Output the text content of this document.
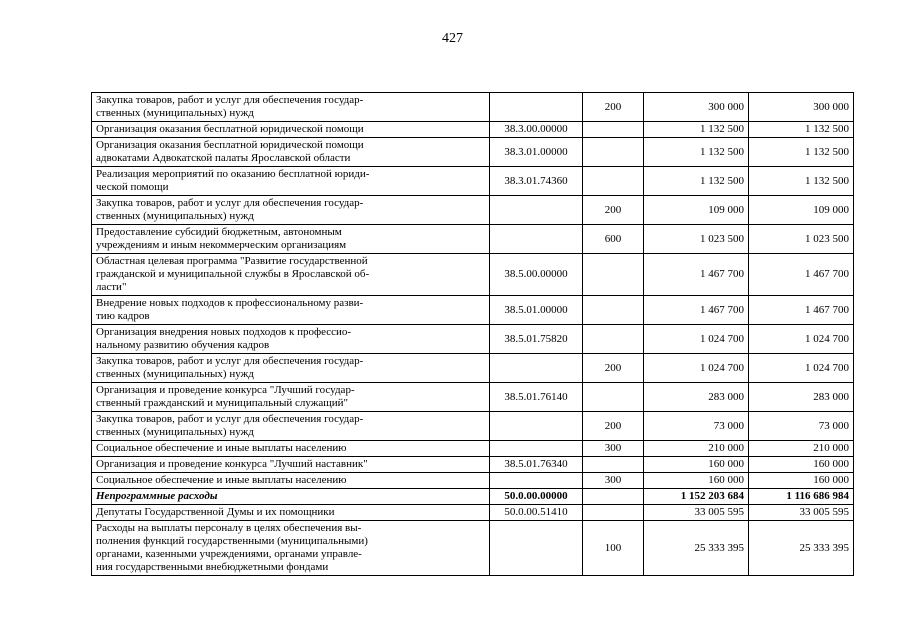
427
Закупка товаров, работ и услуг для обеспечения государ-
ственных (муниципальных) нужд		200	300 000	300 000
Организация оказания бесплатной юридической помощи	38.3.00.00000		1 132 500	1 132 500
Организация оказания бесплатной юридической помощи
адвокатами Адвокатской палаты Ярославской области	38.3.01.00000		1 132 500	1 132 500
Реализация мероприятий по оказанию бесплатной юриди-
ческой помощи	38.3.01.74360		1 132 500	1 132 500
Закупка товаров, работ и услуг для обеспечения государ-
ственных (муниципальных) нужд		200	109 000	109 000
Предоставление субсидий бюджетным, автономным
учреждениям и иным некоммерческим организациям		600	1 023 500	1 023 500
Областная целевая программа "Развитие государственной
гражданской и муниципальной службы в Ярославской об-
ласти"	38.5.00.00000		1 467 700	1 467 700
Внедрение новых подходов к профессиональному разви-
тию кадров	38.5.01.00000		1 467 700	1 467 700
Организация внедрения новых подходов к профессио-
нальному развитию обучения кадров	38.5.01.75820		1 024 700	1 024 700
Закупка товаров, работ и услуг для обеспечения государ-
ственных (муниципальных) нужд		200	1 024 700	1 024 700
Организация и проведение конкурса "Лучший государ-
ственный гражданский и муниципальный служащий"	38.5.01.76140		283 000	283 000
Закупка товаров, работ и услуг для обеспечения государ-
ственных (муниципальных) нужд		200	73 000	73 000
Социальное обеспечение и иные выплаты населению		300	210 000	210 000
Организация и проведение конкурса "Лучший наставник"	38.5.01.76340		160 000	160 000
Социальное обеспечение и иные выплаты населению		300	160 000	160 000
Непрограммные расходы	50.0.00.00000		1 152 203 684	1 116 686 984
Депутаты Государственной Думы и их помощники	50.0.00.51410		33 005 595	33 005 595
Расходы на выплаты персоналу в целях обеспечения вы-
полнения функций государственными (муниципальными)
органами, казенными учреждениями, органами управле-
ния государственными внебюджетными фондами		100	25 333 395	25 333 395
